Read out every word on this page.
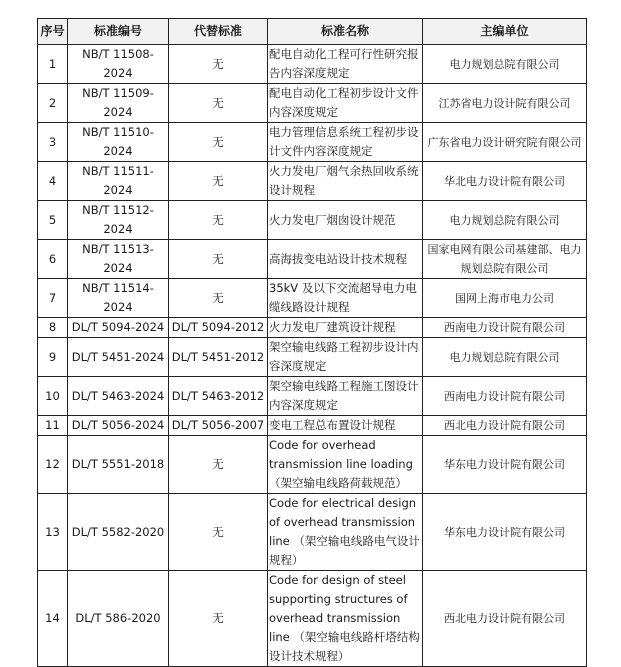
序号	标准编号	代替标准	标准名称	主编单位
1	NB/T 11508-2024	无	配电自动化工程可行性研究报告内容深度规定	电力规划总院有限公司
2	NB/T 11509-2024	无	配电自动化工程初步设计文件内容深度规定	江苏省电力设计院有限公司
3	NB/T 11510-2024	无	电力管理信息系统工程初步设计文件内容深度规定	广东省电力设计研究院有限公司
4	NB/T 11511-2024	无	火力发电厂烟气余热回收系统设计规程	华北电力设计院有限公司
5	NB/T 11512-2024	无	火力发电厂烟囱设计规范	电力规划总院有限公司
6	NB/T 11513-2024	无	高海拔变电站设计技术规程	国家电网有限公司基建部、电力规划总院有限公司
7	NB/T 11514-2024	无	35kV 及以下交流超导电力电缆线路设计规程	国网上海市电力公司
8	DL/T 5094-2024	DL/T 5094-2012	火力发电厂建筑设计规程	西南电力设计院有限公司
9	DL/T 5451-2024	DL/T 5451-2012	架空输电线路工程初步设计内容深度规定	电力规划总院有限公司
10	DL/T 5463-2024	DL/T 5463-2012	架空输电线路工程施工图设计内容深度规定	西南电力设计院有限公司
11	DL/T 5056-2024	DL/T 5056-2007	变电工程总布置设计规程	西北电力设计院有限公司
12	DL/T 5551-2018	无	Code for overhead transmission line loading （架空输电线路荷载规范）	华东电力设计院有限公司
13	DL/T 5582-2020	无	Code for electrical design of overhead transmission line （架空输电线路电气设计规程）	华东电力设计院有限公司
14	DL/T 586-2020	无	Code for design of steel supporting structures of overhead transmission line （架空输电线路杆塔结构设计技术规程）	西北电力设计院有限公司
